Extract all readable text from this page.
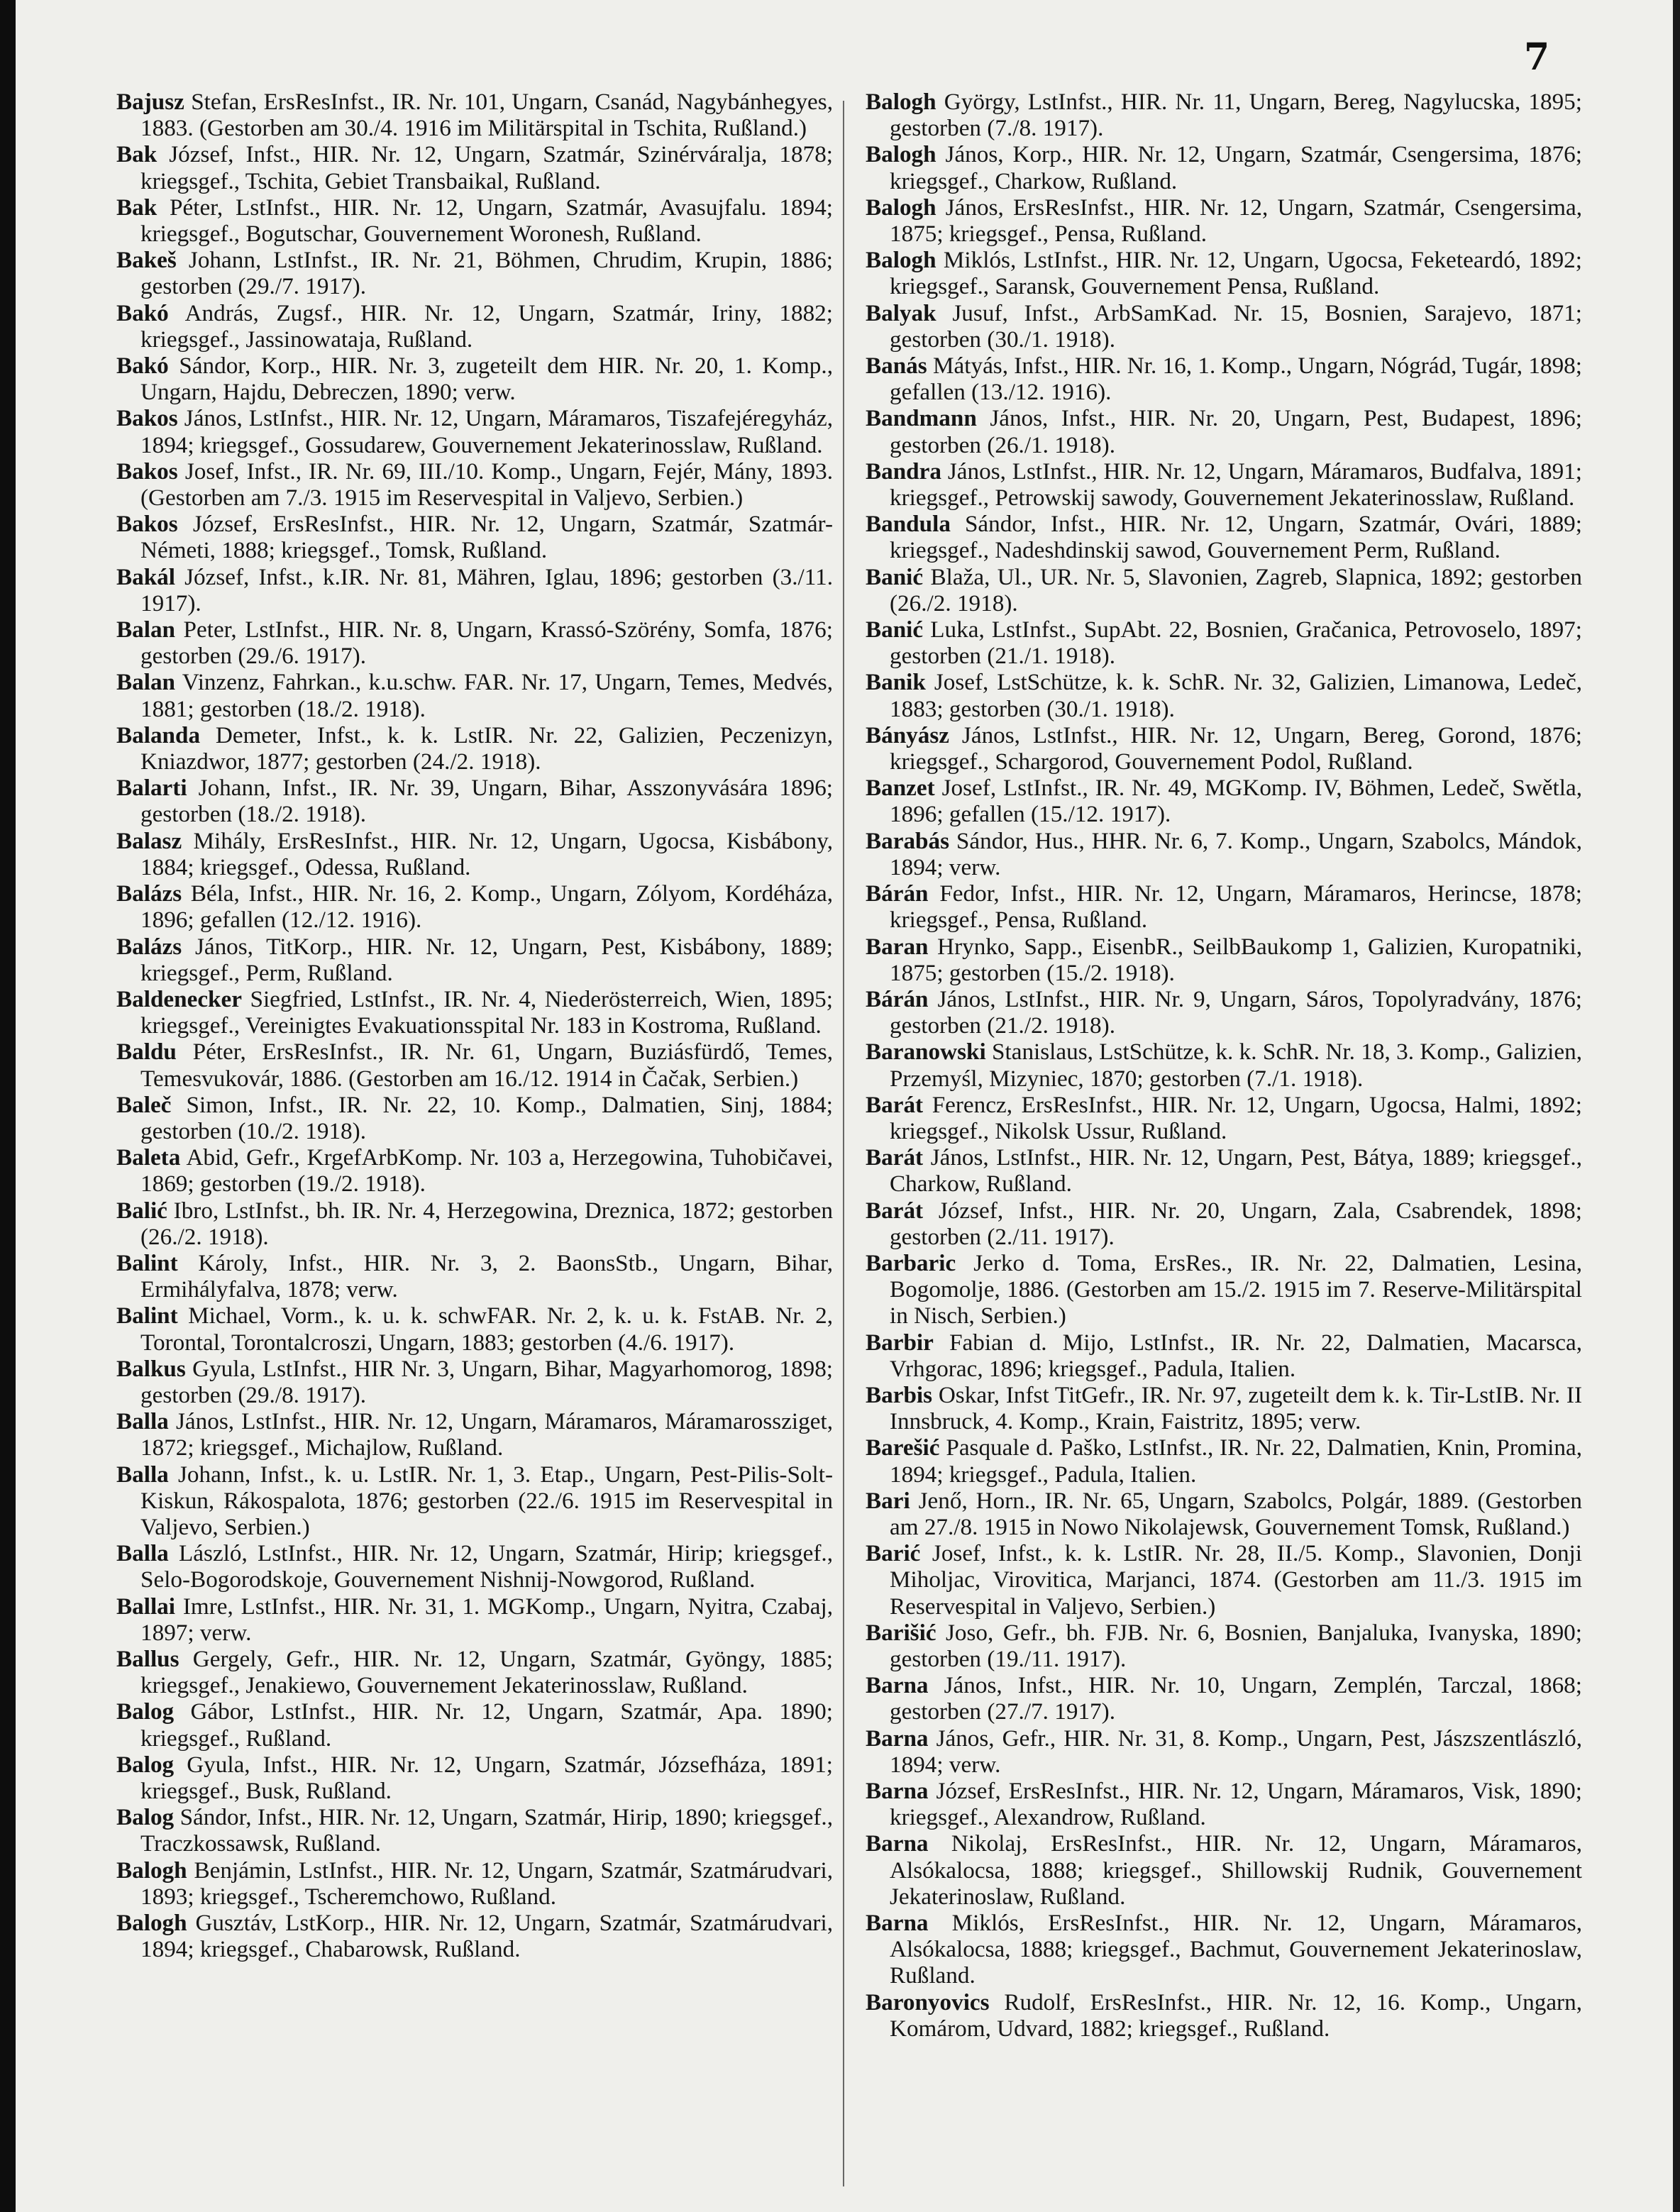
7
Bajusz Stefan, ErsResInfst., IR. Nr. 101, Ungarn, Csanád, Nagybánhegyes, 1883. (Gestorben am 30./4. 1916 im Militärspital in Tschita, Rußland.)
Bak József, Infst., HIR. Nr. 12, Ungarn, Szatmár, Szinérváralja, 1878; kriegsgef., Tschita, Gebiet Transbaikal, Rußland.
Bak Péter, LstInfst., HIR. Nr. 12, Ungarn, Szatmár, Avasujfalu. 1894; kriegsgef., Bogutschar, Gouvernement Woronesh, Rußland.
Bakeš Johann, LstInfst., IR. Nr. 21, Böhmen, Chrudim, Krupin, 1886; gestorben (29./7. 1917).
Bakó András, Zugsf., HIR. Nr. 12, Ungarn, Szatmár, Iriny, 1882; kriegsgef., Jassinowataja, Rußland.
Bakó Sándor, Korp., HIR. Nr. 3, zugeteilt dem HIR. Nr. 20, 1. Komp., Ungarn, Hajdu, Debreczen, 1890; verw.
Bakos János, LstInfst., HIR. Nr. 12, Ungarn, Máramaros, Tiszafejéregyház, 1894; kriegsgef., Gossudarew, Gouvernement Jekaterinosslaw, Rußland.
Bakos Josef, Infst., IR. Nr. 69, III./10. Komp., Ungarn, Fejér, Mány, 1893. (Gestorben am 7./3. 1915 im Reservespital in Valjevo, Serbien.)
Bakos József, ErsResInfst., HIR. Nr. 12, Ungarn, Szatmár, Szatmár-Németi, 1888; kriegsgef., Tomsk, Rußland.
Bakál József, Infst., k.IR. Nr. 81, Mähren, Iglau, 1896; gestorben (3./11. 1917).
Balan Peter, LstInfst., HIR. Nr. 8, Ungarn, Krassó-Szörény, Somfa, 1876; gestorben (29./6. 1917).
Balan Vinzenz, Fahrkan., k.u.schw. FAR. Nr. 17, Ungarn, Temes, Medvés, 1881; gestorben (18./2. 1918).
Balanda Demeter, Infst., k. k. LstIR. Nr. 22, Galizien, Peczenizyn, Kniazdwor, 1877; gestorben (24./2. 1918).
Balarti Johann, Infst., IR. Nr. 39, Ungarn, Bihar, Asszonyvására 1896; gestorben (18./2. 1918).
Balasz Mihály, ErsResInfst., HIR. Nr. 12, Ungarn, Ugocsa, Kisbábony, 1884; kriegsgef., Odessa, Rußland.
Balázs Béla, Infst., HIR. Nr. 16, 2. Komp., Ungarn, Zólyom, Kordéháza, 1896; gefallen (12./12. 1916).
Balázs János, TitKorp., HIR. Nr. 12, Ungarn, Pest, Kisbábony, 1889; kriegsgef., Perm, Rußland.
Baldenecker Siegfried, LstInfst., IR. Nr. 4, Niederösterreich, Wien, 1895; kriegsgef., Vereinigtes Evakuationsspital Nr. 183 in Kostroma, Rußland.
Baldu Péter, ErsResInfst., IR. Nr. 61, Ungarn, Buziásfürdő, Temes, Temesvukovár, 1886. (Gestorben am 16./12. 1914 in Čačak, Serbien.)
Baleč Simon, Infst., IR. Nr. 22, 10. Komp., Dalmatien, Sinj, 1884; gestorben (10./2. 1918).
Baleta Abid, Gefr., KrgefArbKomp. Nr. 103 a, Herzegowina, Tuhobičavei, 1869; gestorben (19./2. 1918).
Balić Ibro, LstInfst., bh. IR. Nr. 4, Herzegowina, Dreznica, 1872; gestorben (26./2. 1918).
Balint Károly, Infst., HIR. Nr. 3, 2. BaonsStb., Ungarn, Bihar, Ermihályfalva, 1878; verw.
Balint Michael, Vorm., k. u. k. schwFAR. Nr. 2, k. u. k. FstAB. Nr. 2, Torontal, Torontalcroszi, Ungarn, 1883; gestorben (4./6. 1917).
Balkus Gyula, LstInfst., HIR Nr. 3, Ungarn, Bihar, Magyarhomorog, 1898; gestorben (29./8. 1917).
Balla János, LstInfst., HIR. Nr. 12, Ungarn, Máramaros, Máramarossziget, 1872; kriegsgef., Michajlow, Rußland.
Balla Johann, Infst., k. u. LstIR. Nr. 1, 3. Etap., Ungarn, Pest-Pilis-Solt-Kiskun, Rákospalota, 1876; gestorben (22./6. 1915 im Reservespital in Valjevo, Serbien.)
Balla László, LstInfst., HIR. Nr. 12, Ungarn, Szatmár, Hirip; kriegsgef., Selo-Bogorodskoje, Gouvernement Nishnij-Nowgorod, Rußland.
Ballai Imre, LstInfst., HIR. Nr. 31, 1. MGKomp., Ungarn, Nyitra, Czabaj, 1897; verw.
Ballus Gergely, Gefr., HIR. Nr. 12, Ungarn, Szatmár, Gyöngy, 1885; kriegsgef., Jenakiewo, Gouvernement Jekaterinosslaw, Rußland.
Balog Gábor, LstInfst., HIR. Nr. 12, Ungarn, Szatmár, Apa. 1890; kriegsgef., Rußland.
Balog Gyula, Infst., HIR. Nr. 12, Ungarn, Szatmár, Józsefháza, 1891; kriegsgef., Busk, Rußland.
Balog Sándor, Infst., HIR. Nr. 12, Ungarn, Szatmár, Hirip, 1890; kriegsgef., Traczkossawsk, Rußland.
Balogh Benjámin, LstInfst., HIR. Nr. 12, Ungarn, Szatmár, Szatmárudvari, 1893; kriegsgef., Tscheremchowo, Rußland.
Balogh Gusztáv, LstKorp., HIR. Nr. 12, Ungarn, Szatmár, Szatmárudvari, 1894; kriegsgef., Chabarowsk, Rußland.
Balogh György, LstInfst., HIR. Nr. 11, Ungarn, Bereg, Nagylucska, 1895; gestorben (7./8. 1917).
Balogh János, Korp., HIR. Nr. 12, Ungarn, Szatmár, Csengersima, 1876; kriegsgef., Charkow, Rußland.
Balogh János, ErsResInfst., HIR. Nr. 12, Ungarn, Szatmár, Csengersima, 1875; kriegsgef., Pensa, Rußland.
Balogh Miklós, LstInfst., HIR. Nr. 12, Ungarn, Ugocsa, Feketeardó, 1892; kriegsgef., Saransk, Gouvernement Pensa, Rußland.
Balyak Jusuf, Infst., ArbSamKad. Nr. 15, Bosnien, Sarajevo, 1871; gestorben (30./1. 1918).
Banás Mátyás, Infst., HIR. Nr. 16, 1. Komp., Ungarn, Nógrád, Tugár, 1898; gefallen (13./12. 1916).
Bandmann János, Infst., HIR. Nr. 20, Ungarn, Pest, Budapest, 1896; gestorben (26./1. 1918).
Bandra János, LstInfst., HIR. Nr. 12, Ungarn, Máramaros, Budfalva, 1891; kriegsgef., Petrowskij sawody, Gouvernement Jekaterinosslaw, Rußland.
Bandula Sándor, Infst., HIR. Nr. 12, Ungarn, Szatmár, Ovári, 1889; kriegsgef., Nadeshdinskij sawod, Gouvernement Perm, Rußland.
Banić Blaža, Ul., UR. Nr. 5, Slavonien, Zagreb, Slapnica, 1892; gestorben (26./2. 1918).
Banić Luka, LstInfst., SupAbt. 22, Bosnien, Gračanica, Petrovoselo, 1897; gestorben (21./1. 1918).
Banik Josef, LstSchütze, k. k. SchR. Nr. 32, Galizien, Limanowa, Ledeč, 1883; gestorben (30./1. 1918).
Bányász János, LstInfst., HIR. Nr. 12, Ungarn, Bereg, Gorond, 1876; kriegsgef., Schargorod, Gouvernement Podol, Rußland.
Banzet Josef, LstInfst., IR. Nr. 49, MGKomp. IV, Böhmen, Ledeč, Swětla, 1896; gefallen (15./12. 1917).
Barabás Sándor, Hus., HHR. Nr. 6, 7. Komp., Ungarn, Szabolcs, Mándok, 1894; verw.
Bárán Fedor, Infst., HIR. Nr. 12, Ungarn, Máramaros, Herincse, 1878; kriegsgef., Pensa, Rußland.
Baran Hrynko, Sapp., EisenbR., SeilbBaukomp 1, Galizien, Kuropatniki, 1875; gestorben (15./2. 1918).
Bárán János, LstInfst., HIR. Nr. 9, Ungarn, Sáros, Topolyradvány, 1876; gestorben (21./2. 1918).
Baranowski Stanislaus, LstSchütze, k. k. SchR. Nr. 18, 3. Komp., Galizien, Przemyśl, Mizyniec, 1870; gestorben (7./1. 1918).
Barát Ferencz, ErsResInfst., HIR. Nr. 12, Ungarn, Ugocsa, Halmi, 1892; kriegsgef., Nikolsk Ussur, Rußland.
Barát János, LstInfst., HIR. Nr. 12, Ungarn, Pest, Bátya, 1889; kriegsgef., Charkow, Rußland.
Barát József, Infst., HIR. Nr. 20, Ungarn, Zala, Csabrendek, 1898; gestorben (2./11. 1917).
Barbaric Jerko d. Toma, ErsRes., IR. Nr. 22, Dalmatien, Lesina, Bogomolje, 1886. (Gestorben am 15./2. 1915 im 7. Reserve-Militärspital in Nisch, Serbien.)
Barbir Fabian d. Mijo, LstInfst., IR. Nr. 22, Dalmatien, Macarsca, Vrhgorac, 1896; kriegsgef., Padula, Italien.
Barbis Oskar, Infst TitGefr., IR. Nr. 97, zugeteilt dem k. k. Tir-LstIB. Nr. II Innsbruck, 4. Komp., Krain, Faistritz, 1895; verw.
Barešić Pasquale d. Paško, LstInfst., IR. Nr. 22, Dalmatien, Knin, Promina, 1894; kriegsgef., Padula, Italien.
Bari Jenő, Horn., IR. Nr. 65, Ungarn, Szabolcs, Polgár, 1889. (Gestorben am 27./8. 1915 in Nowo Nikolajewsk, Gouvernement Tomsk, Rußland.)
Barić Josef, Infst., k. k. LstIR. Nr. 28, II./5. Komp., Slavonien, Donji Miholjac, Virovitica, Marjanci, 1874. (Gestorben am 11./3. 1915 im Reservespital in Valjevo, Serbien.)
Barišić Joso, Gefr., bh. FJB. Nr. 6, Bosnien, Banjaluka, Ivanyska, 1890; gestorben (19./11. 1917).
Barna János, Infst., HIR. Nr. 10, Ungarn, Zemplén, Tarczal, 1868; gestorben (27./7. 1917).
Barna János, Gefr., HIR. Nr. 31, 8. Komp., Ungarn, Pest, Jászszentlászló, 1894; verw.
Barna József, ErsResInfst., HIR. Nr. 12, Ungarn, Máramaros, Visk, 1890; kriegsgef., Alexandrow, Rußland.
Barna Nikolaj, ErsResInfst., HIR. Nr. 12, Ungarn, Máramaros, Alsókalocsa, 1888; kriegsgef., Shillowskij Rudnik, Gouvernement Jekaterinoslaw, Rußland.
Barna Miklós, ErsResInfst., HIR. Nr. 12, Ungarn, Máramaros, Alsókalocsa, 1888; kriegsgef., Bachmut, Gouvernement Jekaterinoslaw, Rußland.
Baronyovics Rudolf, ErsResInfst., HIR. Nr. 12, 16. Komp., Ungarn, Komárom, Udvard, 1882; kriegsgef., Rußland.
